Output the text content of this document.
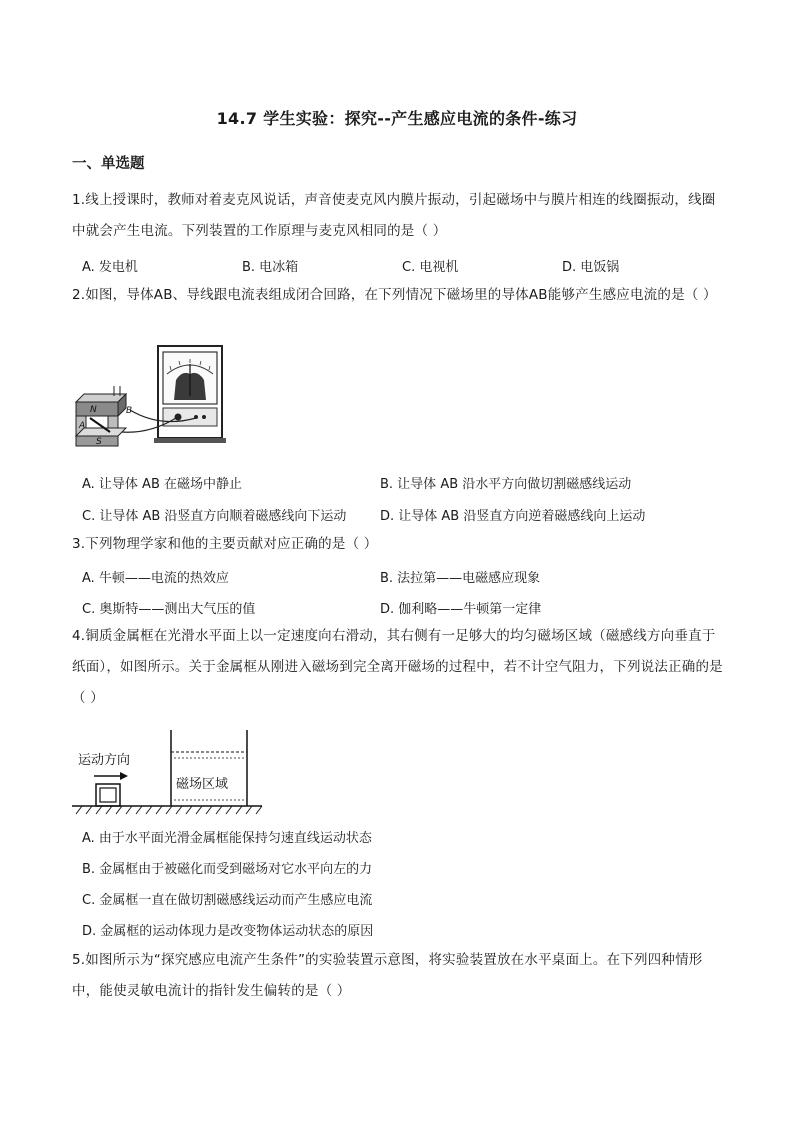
14.7 学生实验：探究--产生感应电流的条件-练习
一、单选题
1.线上授课时，教师对着麦克风说话，声音使麦克风内膜片振动，引起磁场中与膜片相连的线圈振动，线圈中就会产生电流。下列装置的工作原理与麦克风相同的是（ ）
A. 发电机	B. 电冰箱	C. 电视机	D. 电饭锅
2.如图，导体AB、导线跟电流表组成闭合回路，在下列情况下磁场里的导体AB能够产生感应电流的是（ ）
N
S
A
B
A. 让导体 AB 在磁场中静止	B. 让导体 AB 沿水平方向做切割磁感线运动
C. 让导体 AB 沿竖直方向顺着磁感线向下运动	D. 让导体 AB 沿竖直方向逆着磁感线向上运动
3.下列物理学家和他的主要贡献对应正确的是（ ）
A. 牛顿——电流的热效应	B. 法拉第——电磁感应现象
C. 奥斯特——测出大气压的值	D. 伽利略——牛顿第一定律
4.铜质金属框在光滑水平面上以一定速度向右滑动，其右侧有一足够大的均匀磁场区域（磁感线方向垂直于纸面），如图所示。关于金属框从刚进入磁场到完全离开磁场的过程中，若不计空气阻力，下列说法正确的是（ ）
运动方向
磁场区域
A. 由于水平面光滑金属框能保持匀速直线运动状态
B. 金属框由于被磁化而受到磁场对它水平向左的力
C. 金属框一直在做切割磁感线运动而产生感应电流
D. 金属框的运动体现力是改变物体运动状态的原因
5.如图所示为“探究感应电流产生条件”的实验装置示意图，将实验装置放在水平桌面上。在下列四种情形中，能使灵敏电流计的指针发生偏转的是（ ）
